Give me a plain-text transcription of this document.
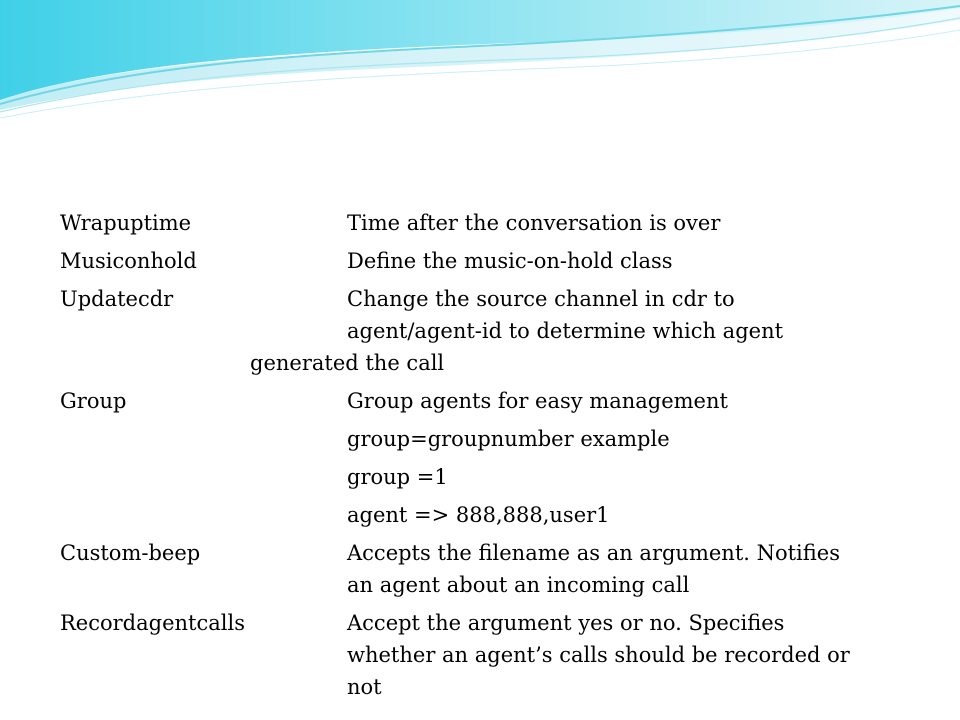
Wrapuptime	Time after the conversation is over
Musiconhold	Define the music-on-hold class
Updatecdr	Change the source channel in cdr to
agent/agent-id to determine which agent
generated the call
Group	Group agents for easy management
group=groupnumber example
group =1
agent => 888,888,user1
Custom-beep	Accepts the filename as an argument. Notifies
an agent about an incoming call
Recordagentcalls	Accept the argument yes or no. Specifies
whether an agent’s calls should be recorded or
not
